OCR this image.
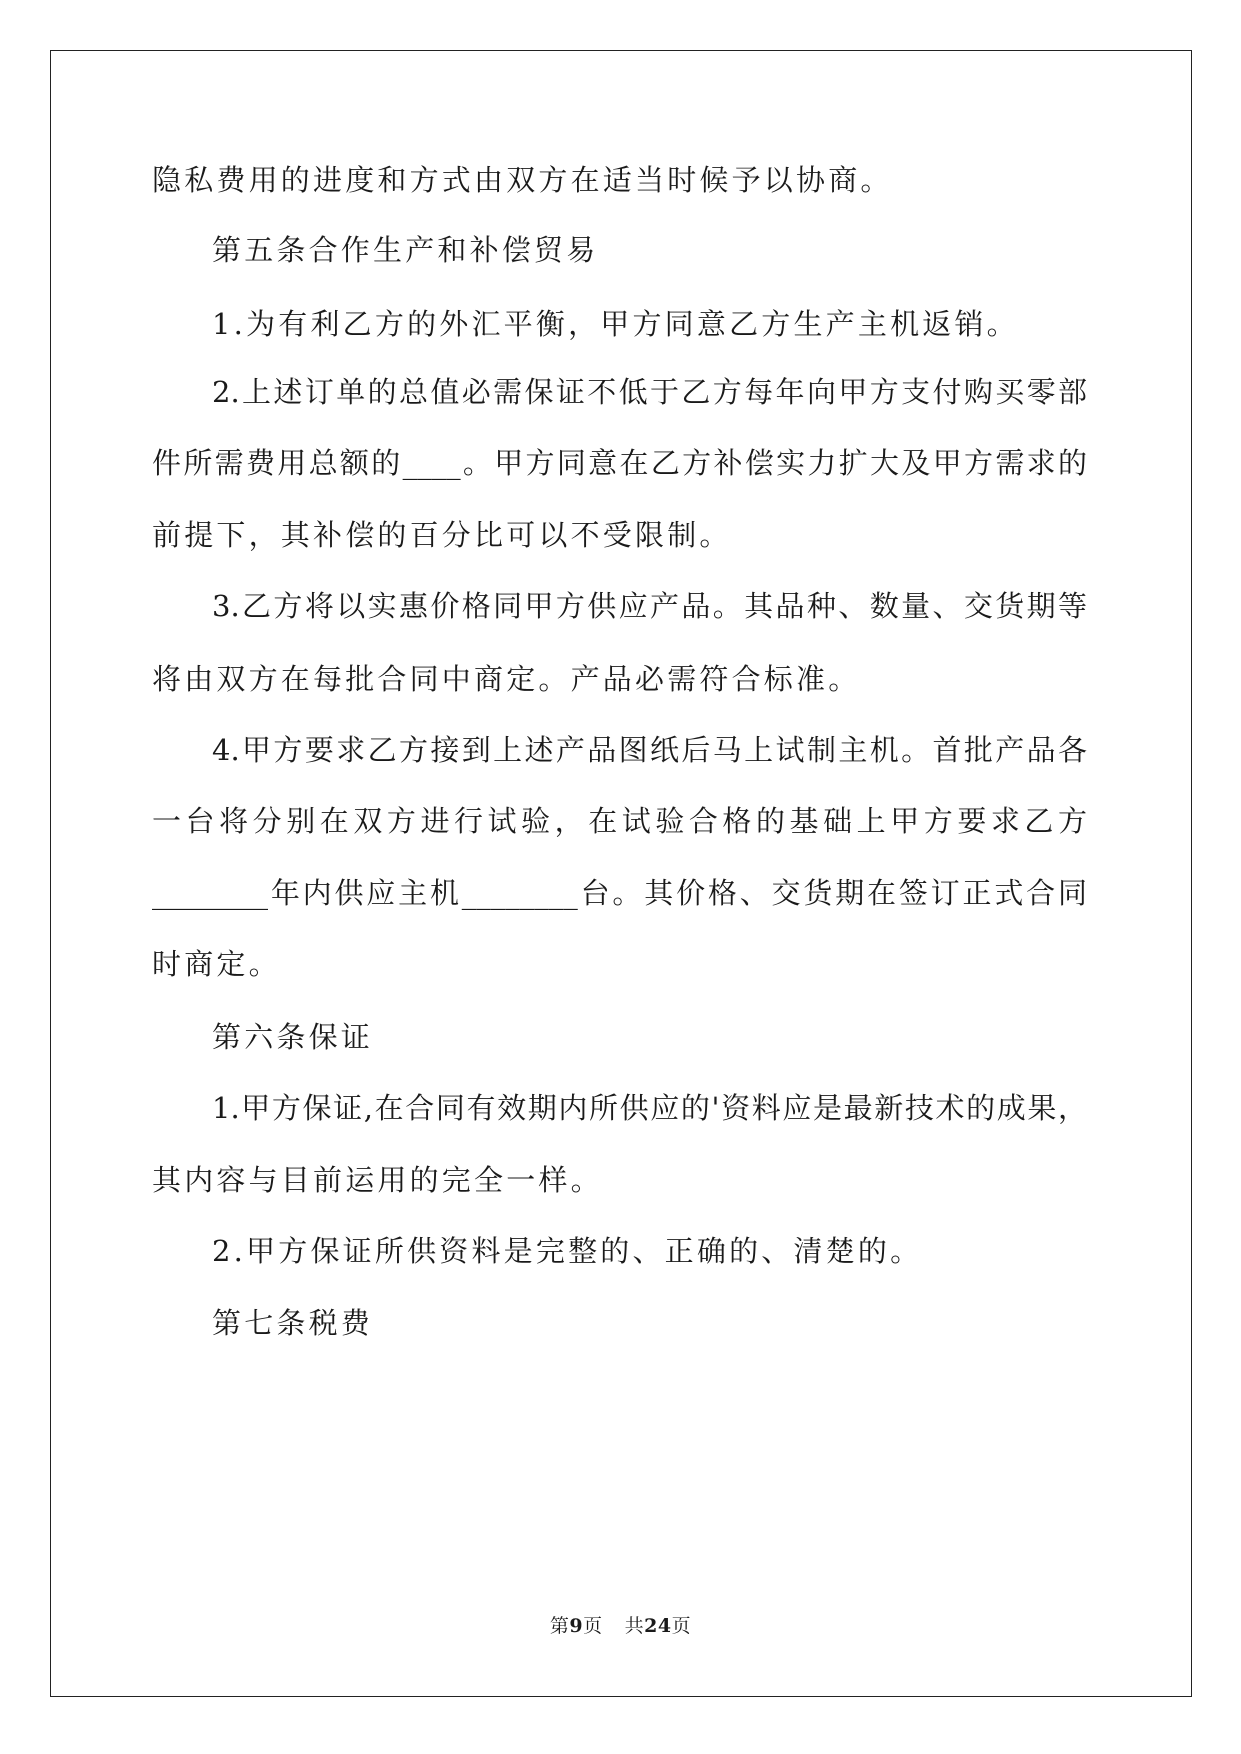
隐私费用的进度和方式由双方在适当时候予以协商。
第五条合作生产和补偿贸易
1.为有利乙方的外汇平衡，甲方同意乙方生产主机返销。
2.上述订单的总值必需保证不低于乙方每年向甲方支付购买零部
件所需费用总额的____。甲方同意在乙方补偿实力扩大及甲方需求的
前提下，其补偿的百分比可以不受限制。
3.乙方将以实惠价格同甲方供应产品。其品种、数量、交货期等
将由双方在每批合同中商定。产品必需符合标准。
4.甲方要求乙方接到上述产品图纸后马上试制主机。首批产品各
一台将分别在双方进行试验，在试验合格的基础上甲方要求乙方
________年内供应主机________台。其价格、交货期在签订正式合同
时商定。
第六条保证
1.甲方保证,在合同有效期内所供应的'资料应是最新技术的成果，
其内容与目前运用的完全一样。
2.甲方保证所供资料是完整的、正确的、清楚的。
第七条税费
第9页 共24页
